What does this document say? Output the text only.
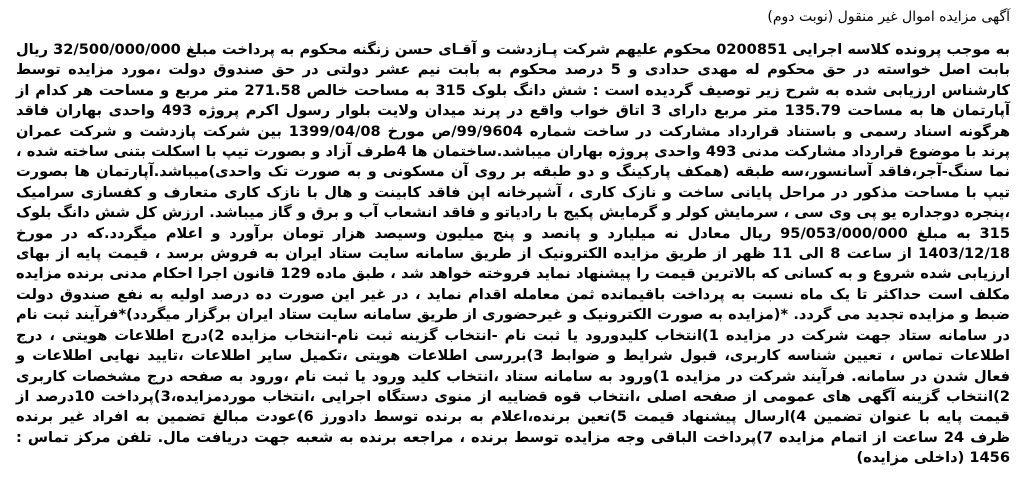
آگهی مزایده اموال غیر منقول (نوبت دوم)

به موجب پرونده کلاسه اجرایی 0200851 محکوم علیهم شرکت پـازدشت و آقـای حسن زنگنه محکوم به پرداخت مبلغ 32/500/000/000 ریال بابت اصل خواسته در حق محکوم له مهدی حدادی و 5 درصد محکوم به بابت نیم عشر دولتی در حق صندوق دولت ،مورد مزایده توسط کارشناس ارزیابی شده به شرح زیر توصیف گردیده است : شش دانگ بلوک 315 به مساحت خالص 271.58 متر مربع و مساحت هر کدام از آپارتمان ها به مساحت 135.79 متر مربع دارای 3 اتاق خواب واقع در پرند میدان ولایت بلوار رسول اکرم پروژه 493 واحدی بهاران فاقد هرگونه اسناد رسمی و باستناد قرارداد مشارکت در ساخت شماره 99/9604/ص مورخ 1399/04/08 بین شرکت پازدشت و شرکت عمران پرند با موضوع قرارداد مشارکت مدنی 493 واحدی پروژه بهاران میباشد.ساختمان ها 4طرف آزاد و بصورت تیپ با اسکلت بتنی ساخته شده ، نما سنگ-آجر،فاقد آسانسور،سه طبقه (همکف پارکینگ و دو طبقه بر روی آن مسکونی و به صورت تک واحدی)میباشد.آپارتمان ها بصورت تیپ با مساحت مذکور در مراحل پایانی ساخت و نازک کاری ، آشپرخانه اپن فاقد کابینت و هال با نازک کاری متعارف و کفسازی سرامیک ،پنجره دوجداره یو پی وی سی ، سرمایش کولر و گرمایش پکیج با رادیاتو و فاقد انشعاب آب و برق و گاز میباشد. ارزش کل شش دانگ بلوک 315 به مبلغ 95/053/000/000 ریال معادل نه میلیارد و پانصد و پنج میلیون وسیصد هزار تومان برآورد و اعلام میگردد.که در مورخ 1403/12/18 از ساعت 8 الی 11 ظهر از طریق مزایده الکترونیک از طریق سامانه سایت ستاد ایران به فروش برسد ، قیمت پایه از بهای ارزیابی شده شروع و به کسانی که بالاترین قیمت را پیشنهاد نماید فروخته خواهد شد ، طبق ماده 129 قانون اجرا احکام مدنی برنده مزایده مکلف است حداکثر تا یک ماه نسبت به پرداخت باقیمانده ثمن معامله اقدام نماید ، در غیر این صورت ده درصد اولیه به نفع صندوق دولت ضبط و مزایده تجدید می گردد. *(مزایده به صورت الکترونیک و غیرحضوری از طریق سامانه سایت ستاد ایران برگزار میگردد)*فرآیند ثبت نام در سامانه ستاد جهت شرکت در مزایده 1)انتخاب کلیدورود یا ثبت نام -انتخاب گزینه ثبت نام-انتخاب مزایده 2)درج اطلاعات هویتی ، درج اطلاعات تماس ، تعیین شناسه کاربری، قبول شرایط و ضوابط 3)بررسی اطلاعات هویتی ،تکمیل سایر اطلاعات ،تایید نهایی اطلاعات و فعال شدن در سامانه. فرآیند شرکت در مزایده 1)ورود به سامانه ستاد ،انتخاب کلید ورود یا ثبت نام ،ورود به صفحه درج مشخصات کاربری 2)انتخاب گزینه آگهی های عمومی از صفحه اصلی ،انتخاب قوه قضاییه از منوی دستگاه اجرایی ،انتخاب موردمزایده،3)پرداخت 10درصد از قیمت پایه با عنوان تضمین 4)ارسال پیشنهاد قیمت 5)تعین برنده،اعلام به برنده توسط دادورز 6)عودت مبالغ تضمین به افراد غیر برنده ظرف 24 ساعت از اتمام مزایده 7)پرداخت الباقی وجه مزایده توسط برنده ، مراجعه برنده به شعبه جهت دریافت مال. تلفن مرکز تماس : 1456 (داخلی مزایده)
